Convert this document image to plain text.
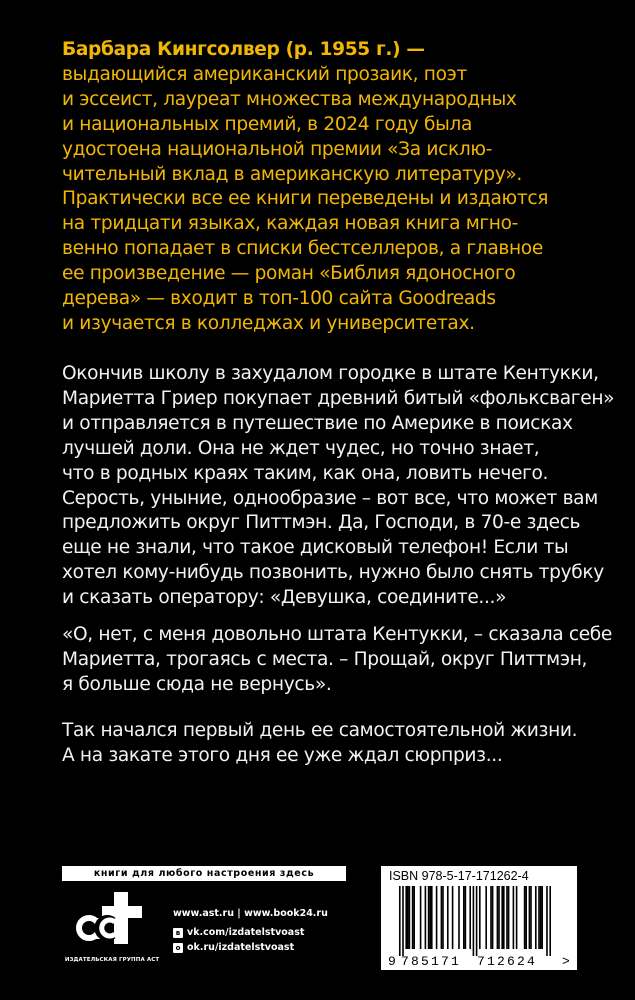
Барбара Кингсолвер (р. 1955 г.) —
выдающийся американский прозаик, поэт
и эссеист, лауреат множества международных
и национальных премий, в 2024 году была
удостоена национальной премии «За исклю-
чительный вклад в американскую литературу».
Практически все ее книги переведены и издаются
на тридцати языках, каждая новая книга мгно-
венно попадает в списки бестселлеров, а главное
ее произведение — роман «Библия ядоносного
дерева» — входит в топ-100 сайта Goodreads
и изучается в колледжах и университетах.
Окончив школу в захудалом городке в штате Кентукки,
Мариетта Гриер покупает древний битый «фольксваген»
и отправляется в путешествие по Америке в поисках
лучшей доли. Она не ждет чудес, но точно знает,
что в родных краях таким, как она, ловить нечего.
Серость, уныние, однообразие – вот все, что может вам
предложить округ Питтмэн. Да, Господи, в 70-е здесь
еще не знали, что такое дисковый телефон! Если ты
хотел кому-нибудь позвонить, нужно было снять трубку
и сказать оператору: «Девушка, соедините...»
«О, нет, с меня довольно штата Кентукки, – сказала себе
Мариетта, трогаясь с места. – Прощай, округ Питтмэн,
я больше сюда не вернусь».
Так начался первый день ее самостоятельной жизни.
А на закате этого дня ее уже ждал сюрприз...
книги для любого настроения здесь
ИЗДАТЕЛЬСКАЯ ГРУППА АСТ
www.ast.ru | www.book24.ru
в vk.com/izdatelstvoast
о ok.ru/izdatelstvoast
ISBN 978-5-17-171262-4
9 785171 712624 >
